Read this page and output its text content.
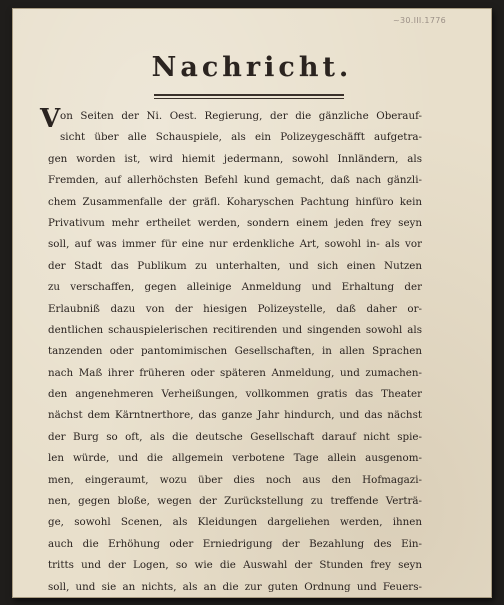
~30.III.1776
Nachricht.
V on Seiten der Ni. Oest. Regierung, der die gänzliche Oberauf-
sicht über alle Schauspiele, als ein Polizeygeschäfft aufgetra-
gen worden ist, wird hiemit jedermann, sowohl Innländern, als
Fremden, auf allerhöchsten Befehl kund gemacht, daß nach gänzli-
chem Zusammenfalle der gräfl. Koharyschen Pachtung hinfüro kein
Privativum mehr ertheilet werden, sondern einem jeden frey seyn
soll, auf was immer für eine nur erdenkliche Art, sowohl in- als vor
der Stadt das Publikum zu unterhalten, und sich einen Nutzen
zu verschaffen, gegen alleinige Anmeldung und Erhaltung der
Erlaubniß dazu von der hiesigen Polizeystelle, daß daher or-
dentlichen schauspielerischen recitirenden und singenden sowohl als
tanzenden oder pantomimischen Gesellschaften, in allen Sprachen
nach Maß ihrer früheren oder späteren Anmeldung, und zumachen-
den angenehmeren Verheißungen, vollkommen gratis das Theater
nächst dem Kärntnerthore, das ganze Jahr hindurch, und das nächst
der Burg so oft, als die deutsche Gesellschaft darauf nicht spie-
len würde, und die allgemein verbotene Tage allein ausgenom-
men, eingeraumt, wozu über dies noch aus den Hofmagazi-
nen, gegen bloße, wegen der Zurückstellung zu treffende Verträ-
ge, sowohl Scenen, als Kleidungen dargeliehen werden, ihnen
auch die Erhöhung oder Erniedrigung der Bezahlung des Ein-
tritts und der Logen, so wie die Auswahl der Stunden frey seyn
soll, und sie an nichts, als an die zur guten Ordnung und Feuers-
